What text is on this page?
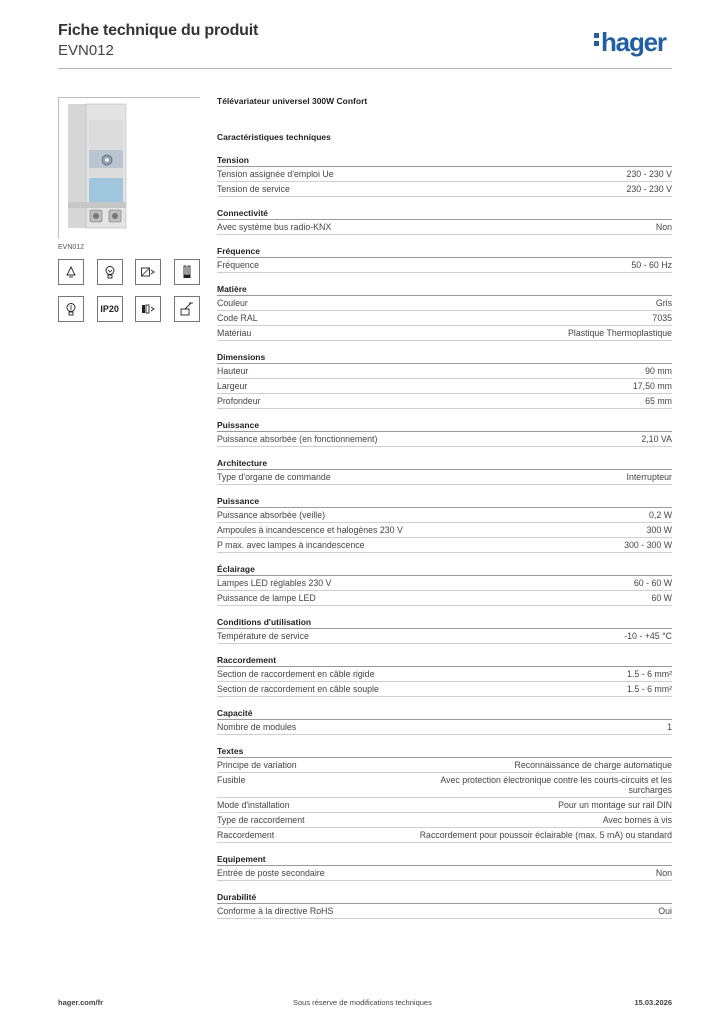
Fiche technique du produit
EVN012	hager
EVN012
IP20
Télévariateur universel 300W Confort
Caractéristiques techniques
Tension
Tension assignée d'emploi Ue	230 - 230 V
Tension de service	230 - 230 V
Connectivité
Avec système bus radio-KNX	Non
Fréquence
Fréquence	50 - 60 Hz
Matière
Couleur	Gris
Code RAL	7035
Matériau	Plastique Thermoplastique
Dimensions
Hauteur	90 mm
Largeur	17,50 mm
Profondeur	65 mm
Puissance
Puissance absorbée (en fonctionnement)	2,10 VA
Architecture
Type d'organe de commande	Interrupteur
Puissance
Puissance absorbée (veille)	0,2 W
Ampoules à incandescence et halogènes 230 V	300 W
P max. avec lampes à incandescence	300 - 300 W
Éclairage
Lampes LED réglables 230 V	60 - 60 W
Puissance de lampe LED	60 W
Conditions d'utilisation
Température de service	-10 - +45 °C
Raccordement
Section de raccordement en câble rigide	1.5 - 6 mm²
Section de raccordement en câble souple	1.5 - 6 mm²
Capacité
Nombre de modules	1
Textes
Principe de variation	Reconnaissance de charge automatique
Fusible	Avec protection électronique contre les courts-circuits et les surcharges
Mode d'installation	Pour un montage sur rail DIN
Type de raccordement	Avec bornes à vis
Raccordement	Raccordement pour poussoir éclairable (max. 5 mA) ou standard
Equipement
Entrée de poste secondaire	Non
Durabilité
Conforme à la directive RoHS	Oui
hager.com/fr	Sous réserve de modifications techniques	15.03.2026
